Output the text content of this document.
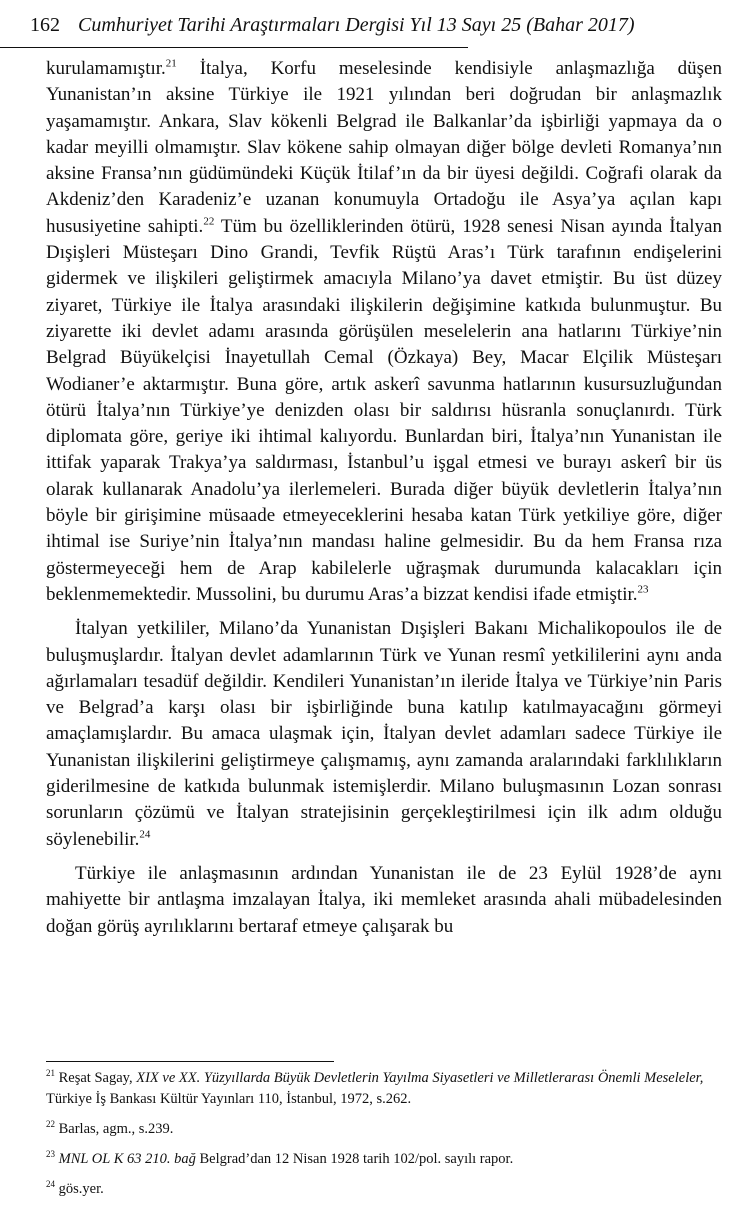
162 Cumhuriyet Tarihi Araştırmaları Dergisi Yıl 13 Sayı 25 (Bahar 2017)

kurulamamıştır.$^{21}$ İtalya, Korfu meselesinde kendisiyle anlaşmazlığa düşen Yunanistan’ın aksine Türkiye ile 1921 yılından beri doğrudan bir anlaşmazlık yaşamamıştır. Ankara, Slav kökenli Belgrad ile Balkanlar’da işbirliği yapmaya da o kadar meyilli olmamıştır. Slav kökene sahip olmayan diğer bölge devleti Romanya’nın aksine Fransa’nın güdümündeki Küçük İtilaf’ın da bir üyesi değildi. Coğrafi olarak da Akdeniz’den Karadeniz’e uzanan konumuyla Ortadoğu ile Asya’ya açılan kapı hususiyetine sahipti.$^{22}$ Tüm bu özelliklerinden ötürü, 1928 senesi Nisan ayında İtalyan Dışişleri Müsteşarı Dino Grandi, Tevfik Rüştü Aras’ı Türk tarafının endişelerini gidermek ve ilişkileri geliştirmek amacıyla Milano’ya davet etmiştir. Bu üst düzey ziyaret, Türkiye ile İtalya arasındaki ilişkilerin değişimine katkıda bulunmuştur. Bu ziyarette iki devlet adamı arasında görüşülen meselelerin ana hatlarını Türkiye’nin Belgrad Büyükelçisi İnayetullah Cemal (Özkaya) Bey, Macar Elçilik Müsteşarı Wodianer’e aktarmıştır. Buna göre, artık askerî savunma hatlarının kusursuzluğundan ötürü İtalya’nın Türkiye’ye denizden olası bir saldırısı hüsranla sonuçlanırdı. Türk diplomata göre, geriye iki ihtimal kalıyordu. Bunlardan biri, İtalya’nın Yunanistan ile ittifak yaparak Trakya’ya saldırması, İstanbul’u işgal etmesi ve burayı askerî bir üs olarak kullanarak Anadolu’ya ilerlemeleri. Burada diğer büyük devletlerin İtalya’nın böyle bir girişimine müsaade etmeyeceklerini hesaba katan Türk yetkiliye göre, diğer ihtimal ise Suriye’nin İtalya’nın mandası haline gelmesidir. Bu da hem Fransa rıza göstermeyeceği hem de Arap kabilelerle uğraşmak durumunda kalacakları için beklenmemektedir. Mussolini, bu durumu Aras’a bizzat kendisi ifade etmiştir.$^{23}$

İtalyan yetkililer, Milano’da Yunanistan Dışişleri Bakanı Michalikopoulos ile de buluşmuşlardır. İtalyan devlet adamlarının Türk ve Yunan resmî yetkililerini aynı anda ağırlamaları tesadüf değildir. Kendileri Yunanistan’ın ileride İtalya ve Türkiye’nin Paris ve Belgrad’a karşı olası bir işbirliğinde buna katılıp katılmayacağını görmeyi amaçlamışlardır. Bu amaca ulaşmak için, İtalyan devlet adamları sadece Türkiye ile Yunanistan ilişkilerini geliştirmeye çalışmamış, aynı zamanda aralarındaki farklılıkların giderilmesine de katkıda bulunmak istemişlerdir. Milano buluşmasının Lozan sonrası sorunların çözümü ve İtalyan stratejisinin gerçekleştirilmesi için ilk adım olduğu söylenebilir.$^{24}$

Türkiye ile anlaşmasının ardından Yunanistan ile de 23 Eylül 1928’de aynı mahiyette bir antlaşma imzalayan İtalya, iki memleket arasında ahali mübadelesinden doğan görüş ayrılıklarını bertaraf etmeye çalışarak bu

$^{21}$ Reşat Sagay, XIX ve XX. Yüzyıllarda Büyük Devletlerin Yayılma Siyasetleri ve Milletlerarası Önemli Meseleler, Türkiye İş Bankası Kültür Yayınları 110, İstanbul, 1972, s.262.

$^{22}$ Barlas, agm., s.239.

$^{23}$ MNL OL K 63 210. bağ Belgrad’dan 12 Nisan 1928 tarih 102/pol. sayılı rapor.

$^{24}$ gös.yer.
